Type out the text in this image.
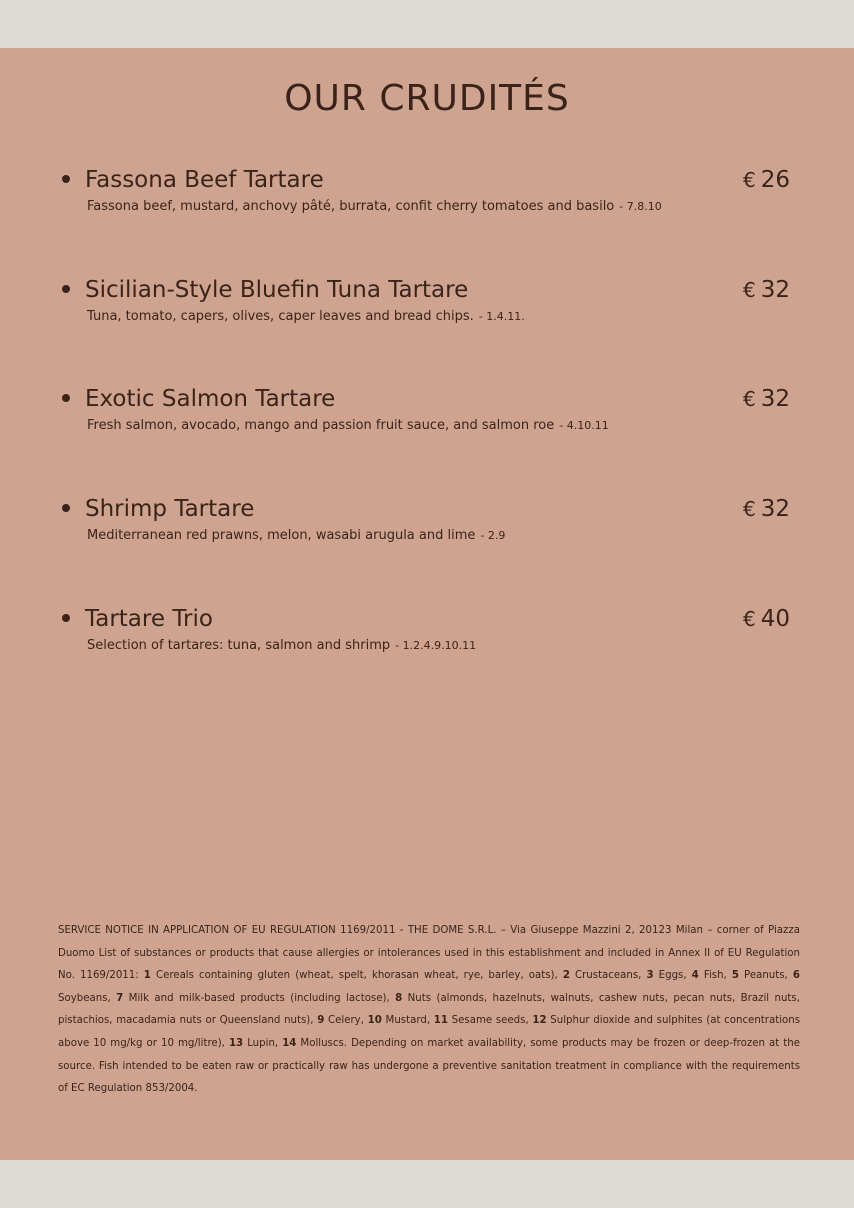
OUR CRUDITÉS
Fassona Beef Tartare	€ 26
Fassona beef, mustard, anchovy pâté, burrata, confit cherry tomatoes and basilo - 7.8.10
Sicilian-Style Bluefin Tuna Tartare	€ 32
Tuna, tomato, capers, olives, caper leaves and bread chips. - 1.4.11.
Exotic Salmon Tartare	€ 32
Fresh salmon, avocado, mango and passion fruit sauce, and salmon roe - 4.10.11
Shrimp Tartare	€ 32
Mediterranean red prawns, melon, wasabi arugula and lime - 2.9
Tartare Trio	€ 40
Selection of tartares: tuna, salmon and shrimp - 1.2.4.9.10.11

SERVICE NOTICE IN APPLICATION OF EU REGULATION 1169/2011 - THE DOME S.R.L. – Via Giuseppe Mazzini 2, 20123 Milan – corner of Piazza Duomo List of substances or products that cause allergies or intolerances used in this establishment and included in Annex II of EU Regulation No. 1169/2011: 1 Cereals containing gluten (wheat, spelt, khorasan wheat, rye, barley, oats), 2 Crustaceans, 3 Eggs, 4 Fish, 5 Peanuts, 6 Soybeans, 7 Milk and milk-based products (including lactose), 8 Nuts (almonds, hazelnuts, walnuts, cashew nuts, pecan nuts, Brazil nuts, pistachios, macadamia nuts or Queensland nuts), 9 Celery, 10 Mustard, 11 Sesame seeds, 12 Sulphur dioxide and sulphites (at concentrations above 10 mg/kg or 10 mg/litre), 13 Lupin, 14 Molluscs. Depending on market availability, some products may be frozen or deep-frozen at the source. Fish intended to be eaten raw or practically raw has undergone a preventive sanitation treatment in compliance with the requirements of EC Regulation 853/2004.
